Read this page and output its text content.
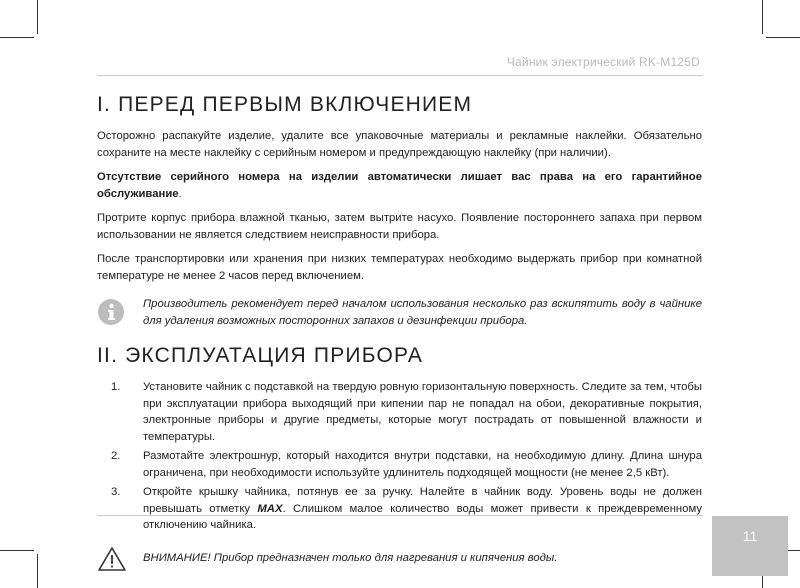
Чайник электрический RK-M125D
I. ПЕРЕД ПЕРВЫМ ВКЛЮЧЕНИЕМ

Осторожно распакуйте изделие, удалите все упаковочные материалы и рекламные наклейки. Обязательно сохраните на месте наклейку с серийным номером и предупреждающую наклейку (при наличии).

Отсутствие серийного номера на изделии автоматически лишает вас права на его гарантийное обслуживание.

Протрите корпус прибора влажной тканью, затем вытрите насухо. Появление постороннего запаха при первом использовании не является следствием неисправности прибора.

После транспортировки или хранения при низких температурах необходимо выдержать прибор при комнатной температуре не менее 2 часов перед включением.

Производитель рекомендует перед началом использования несколько раз вскипятить воду в чайнике для удаления возможных посторонних запахов и дезинфекции прибора.
II. ЭКСПЛУАТАЦИЯ ПРИБОРА
1.	Установите чайник с подставкой на твердую ровную горизонтальную поверхность. Следите за тем, чтобы при эксплуатации прибора выходящий при кипении пар не попадал на обои, декоративные покрытия, электронные приборы и другие предметы, которые могут пострадать от повышенной влажности и температуры.
2.	Размотайте электрошнур, который находится внутри подставки, на необходимую длину. Длина шнура ограничена, при необходимости используйте удлинитель подходящей мощности (не менее 2,5 кВт).
3.	Откройте крышку чайника, потянув ее за ручку. Налейте в чайник воду. Уровень воды не должен превышать отметку MAX. Слишком малое количество воды может привести к преждевременному отключению чайника.
ВНИМАНИЕ! Прибор предназначен только для нагревания и кипячения воды.
11
